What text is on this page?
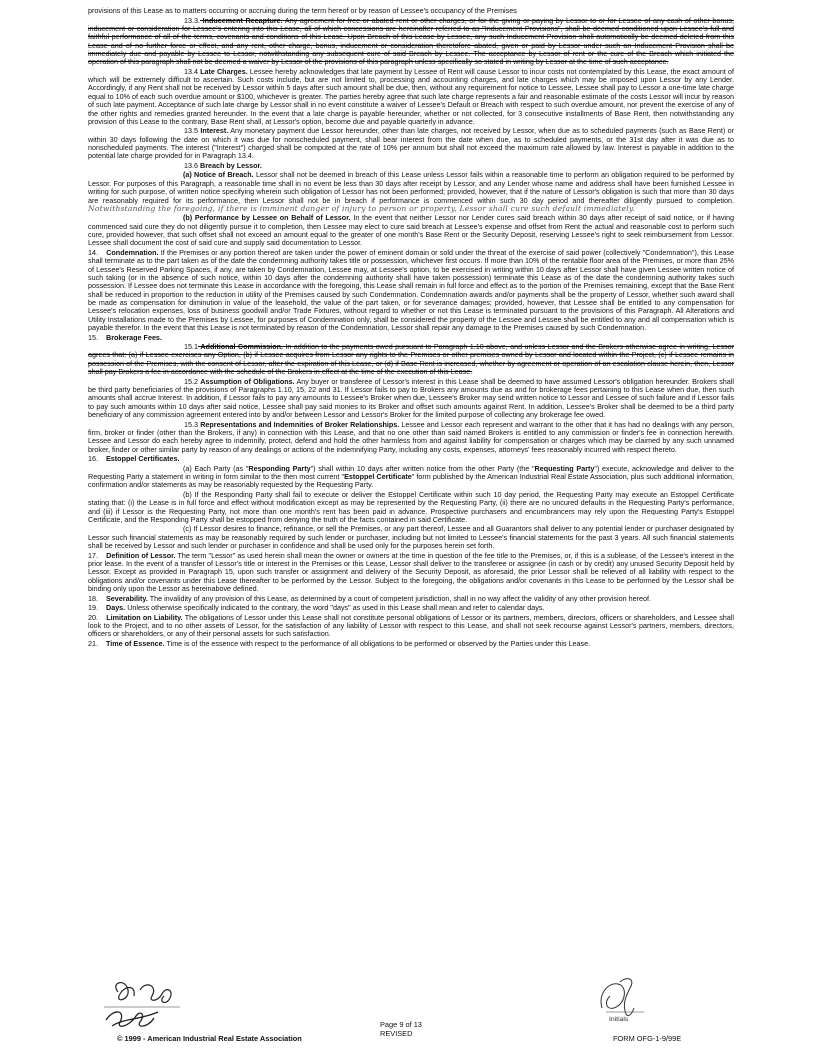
provisions of this Lease as to matters occurring or accruing during the term hereof or by reason of Lessee's occupancy of the Premises

13.3. Inducement Recapture. Any agreement for free or abated rent or other charges, or for the giving or paying by Lessor to or for Lessee of any cash of other bonus, inducement or consideration for Lessee's entering into this Lease, all of which concessions are hereinafter referred to as "Inducement Provisions", shall be deemed conditioned upon Lessee's full and faithful performance of all of the terms, covenants and conditions of this Lease. Upon Breach of this Lease by Lessee, any such Inducement Provision shall automatically be deemed deleted from this Lease and of no further force or effect, and any rent, other charge, bonus, inducement or consideration theretofore abated, given or paid by Lessor under such an Inducement Provision shall be immediately due and payable by Lessee to Lessor, notwithstanding any subsequent cure of said Breach by Lessee. The acceptance by Lessor of rent or the cure of the Breach which initiated the operation of this paragraph shall not be deemed a waiver by Lessor of the provisions of this paragraph unless specifically so stated in writing by Lessor at the time of such acceptance.

13.4 Late Charges. Lessee hereby acknowledges that late payment by Lessee of Rent will cause Lessor to incur costs not contemplated by this Lease, the exact amount of which will be extremely difficult to ascertain. Such costs include, but are not limited to, processing and accounting charges, and late charges which may be imposed upon Lessor by any Lender. Accordingly, if any Rent shall not be received by Lessor within 5 days after such amount shall be due, then, without any requirement for notice to Lessee, Lessee shall pay to Lessor a one-time late charge equal to 10% of each such overdue amount or $100, whichever is greater. The parties hereby agree that such late charge represents a fair and reasonable estimate of the costs Lessor will incur by reason of such late payment. Acceptance of such late charge by Lessor shall in no event constitute a waiver of Lessee's Default or Breach with respect to such overdue amount, nor prevent the exercise of any of the other rights and remedies granted hereunder. In the event that a late charge is payable hereunder, whether or not collected, for 3 consecutive installments of Base Rent, then notwithstanding any provision of this Lease to the contrary, Base Rent shall, at Lessor's option, become due and payable quarterly in advance.

13.5 Interest. Any monetary payment due Lessor hereunder, other than late charges, not received by Lessor, when due as to scheduled payments (such as Base Rent) or within 30 days following the date on which it was due for nonscheduled payment, shall bear interest from the date when due, as to scheduled payments, or the 31st day after it was due as to nonscheduled payments. The interest ("Interest") charged shall be computed at the rate of 10% per annum but shall not exceed the maximum rate allowed by law. Interest is payable in addition to the potential late charge provided for in Paragraph 13.4.

13.6 Breach by Lessor.

(a) Notice of Breach. Lessor shall not be deemed in breach of this Lease unless Lessor fails within a reasonable time to perform an obligation required to be performed by Lessor. For purposes of this Paragraph, a reasonable time shall in no event be less than 30 days after receipt by Lessor, and any Lender whose name and address shall have been furnished Lessee in writing for such purpose, of written notice specifying wherein such obligation of Lessor has not been performed; provided, however, that if the nature of Lessor's obligation is such that more than 30 days are reasonably required for its performance, then Lessor shall not be in breach if performance is commenced within such 30 day period and thereafter diligently pursued to completion. Notwithstanding the foregoing, if there is imminent danger of injury to person or property, Lessor shall cure such default immediately.

(b) Performance by Lessee on Behalf of Lessor. In the event that neither Lessor nor Lender cures said breach within 30 days after receipt of said notice, or if having commenced said cure they do not diligently pursue it to completion, then Lessee may elect to cure said breach at Lessee's expense and offset from Rent the actual and reasonable cost to perform such cure, provided however, that such offset shall not exceed an amount equal to the greater of one month's Base Rent or the Security Deposit, reserving Lessee's right to seek reimbursement from Lessor. Lessee shall document the cost of said cure and supply said documentation to Lessor.

14. Condemnation. If the Premises or any portion thereof are taken under the power of eminent domain or sold under the threat of the exercise of said power (collectively "Condemnation"), this Lease shall terminate as to the part taken as of the date the condemning authority takes title or possession, whichever first occurs. If more than 10% of the rentable floor area of the Premises, or more than 25% of Lessee's Reserved Parking Spaces, if any, are taken by Condemnation, Lessee may, at Lessee's option, to be exercised in writing within 10 days after Lessor shall have given Lessee written notice of such taking (or in the absence of such notice, within 10 days after the condemning authority shall have taken possession) terminate this Lease as of the date the condemning authority takes such possession. If Lessee does not terminate this Lease in accordance with the foregoing, this Lease shall remain in full force and effect as to the portion of the Premises remaining, except that the Base Rent shall be reduced in proportion to the reduction in utility of the Premises caused by such Condemnation. Condemnation awards and/or payments shall be the property of Lessor, whether such award shall be made as compensation for diminution in value of the leasehold, the value of the part taken, or for severance damages; provided, however, that Lessee shall be entitled to any compensation for Lessee's relocation expenses, loss of business goodwill and/or Trade Fixtures, without regard to whether or not this Lease is terminated pursuant to the provisions of this Paragraph. All Alterations and Utility Installations made to the Premises by Lessee, for purposes of Condemnation only, shall be considered the property of the Lessee and Lessee shall be entitled to any and all compensation which is payable therefor. In the event that this Lease is not terminated by reason of the Condemnation, Lessor shall repair any damage to the Premises caused by such Condemnation.

15. Brokerage Fees.

15.1 Additional Commission. In addition to the payments owed pursuant to Paragraph 1.10 above, and unless Lessor and the Brokers otherwise agree in writing, Lessor agrees that: (a) if Lessee exercises any Option, (b) if Lessee acquires from Lessor any rights to the Premises or other premises owned by Lessor and located within the Project, (c) if Lessee remains in possession of the Premises, with the consent of Lessor, after the expiration of this Lease, or (d) if Base Rent is increased, whether by agreement or operation of an escalation clause herein, then, Lessor shall pay Brokers a fee in accordance with the schedule of the Brokers in effect at the time of the execution of this Lease.

15.2 Assumption of Obligations. Any buyer or transferee of Lessor's interest in this Lease shall be deemed to have assumed Lessor's obligation hereunder. Brokers shall be third party beneficiaries of the provisions of Paragraphs 1.10, 15, 22 and 31. If Lessor fails to pay to Brokers any amounts due as and for brokerage fees pertaining to this Lease when due, then such amounts shall accrue Interest. In addition, if Lessor fails to pay any amounts to Lessee's Broker when due, Lessee's Broker may send written notice to Lessor and Lessee of such failure and if Lessor fails to pay such amounts within 10 days after said notice, Lessee shall pay said monies to its Broker and offset such amounts against Rent. In addition, Lessee's Broker shall be deemed to be a third party beneficiary of any commission agreement entered into by and/or between Lessor and Lessor's Broker for the limited purpose of collecting any brokerage fee owed.

15.3 Representations and Indemnities of Broker Relationships. Lessee and Lessor each represent and warrant to the other that it has had no dealings with any person, firm, broker or finder (other than the Brokers, if any) in connection with this Lease, and that no one other than said named Brokers is entitled to any commission or finder's fee in connection herewith. Lessee and Lessor do each hereby agree to indemnify, protect, defend and hold the other harmless from and against liability for compensation or charges which may be claimed by any such unnamed broker, finder or other similar party by reason of any dealings or actions of the indemnifying Party, including any costs, expenses, attorneys' fees reasonably incurred with respect thereto.

16. Estoppel Certificates.

(a) Each Party (as "Responding Party") shall within 10 days after written notice from the other Party (the "Requesting Party") execute, acknowledge and deliver to the Requesting Party a statement in writing in form similar to the then most current "Estoppel Certificate" form published by the American Industrial Real Estate Association, plus such additional information, confirmation and/or statements as may be reasonably requested by the Requesting Party.

(b) If the Responding Party shall fail to execute or deliver the Estoppel Certificate within such 10 day period, the Requesting Party may execute an Estoppel Certificate stating that: (i) the Lease is in full force and effect without modification except as may be represented by the Requesting Party, (ii) there are no uncured defaults in the Requesting Party's performance, and (iii) if Lessor is the Requesting Party, not more than one month's rent has been paid in advance. Prospective purchasers and encumbrancers may rely upon the Requesting Party's Estoppel Certificate, and the Responding Party shall be estopped from denying the truth of the facts contained in said Certificate.

(c) If Lessor desires to finance, refinance, or sell the Premises, or any part thereof, Lessee and all Guarantors shall deliver to any potential lender or purchaser designated by Lessor such financial statements as may be reasonably required by such lender or purchaser, including but not limited to Lessee's financial statements for the past 3 years. All such financial statements shall be received by Lessor and such lender or purchaser in confidence and shall be used only for the purposes herein set forth.

17. Definition of Lessor. The term "Lessor" as used herein shall mean the owner or owners at the time in question of the fee title to the Premises, or, if this is a sublease, of the Lessee's interest in the prior lease. In the event of a transfer of Lessor's title or interest in the Premises or this Lease, Lessor shall deliver to the transferee or assignee (in cash or by credit) any unused Security Deposit held by Lessor. Except as provided in Paragraph 15, upon such transfer or assignment and delivery of the Security Deposit, as aforesaid, the prior Lessor shall be relieved of all liability with respect to the obligations and/or covenants under this Lease thereafter to be performed by the Lessor. Subject to the foregoing, the obligations and/or covenants in this Lease to be performed by the Lessor shall be binding only upon the Lessor as hereinabove defined.

18. Severability. The invalidity of any provision of this Lease, as determined by a court of competent jurisdiction, shall in no way affect the validity of any other provision hereof.

19. Days. Unless otherwise specifically indicated to the contrary, the word "days" as used in this Lease shall mean and refer to calendar days.

20. Limitation on Liability. The obligations of Lessor under this Lease shall not constitute personal obligations of Lessor or its partners, members, directors, officers or shareholders, and Lessee shall look to the Project, and to no other assets of Lessor, for the satisfaction of any liability of Lessor with respect to this Lease, and shall not seek recourse against Lessor's partners, members, directors, officers or shareholders, or any of their personal assets for such satisfaction.

21. Time of Essence. Time is of the essence with respect to the performance of all obligations to be performed or observed by the Parties under this Lease.

Initials
© 1999 - American Industrial Real Estate Association
Page 9 of 13
REVISED
FORM OFG-1-9/99E
